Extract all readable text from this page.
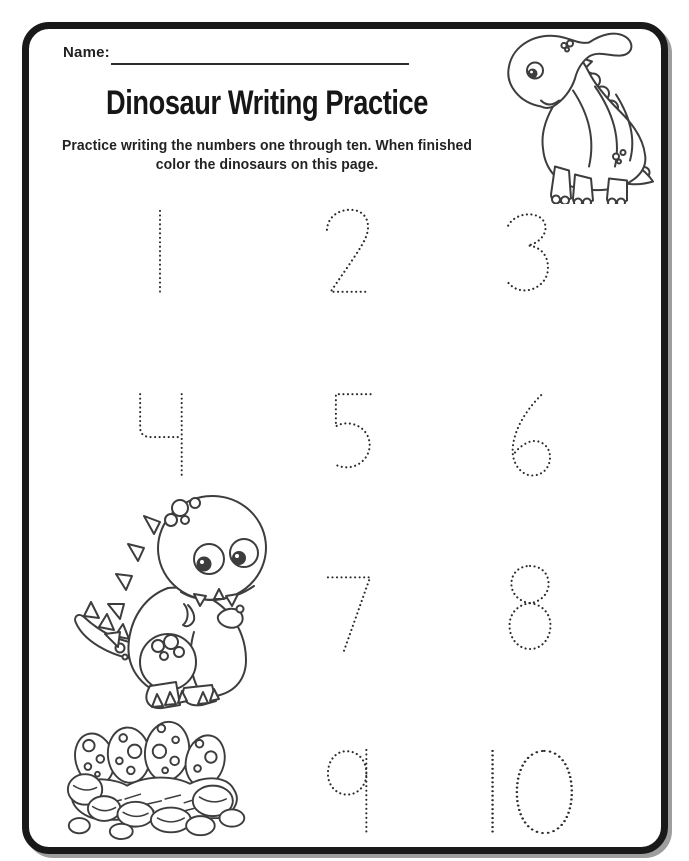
Name:
Dinosaur Writing Practice
Practice writing the numbers one through ten. When finished
color the dinosaurs on this page.
